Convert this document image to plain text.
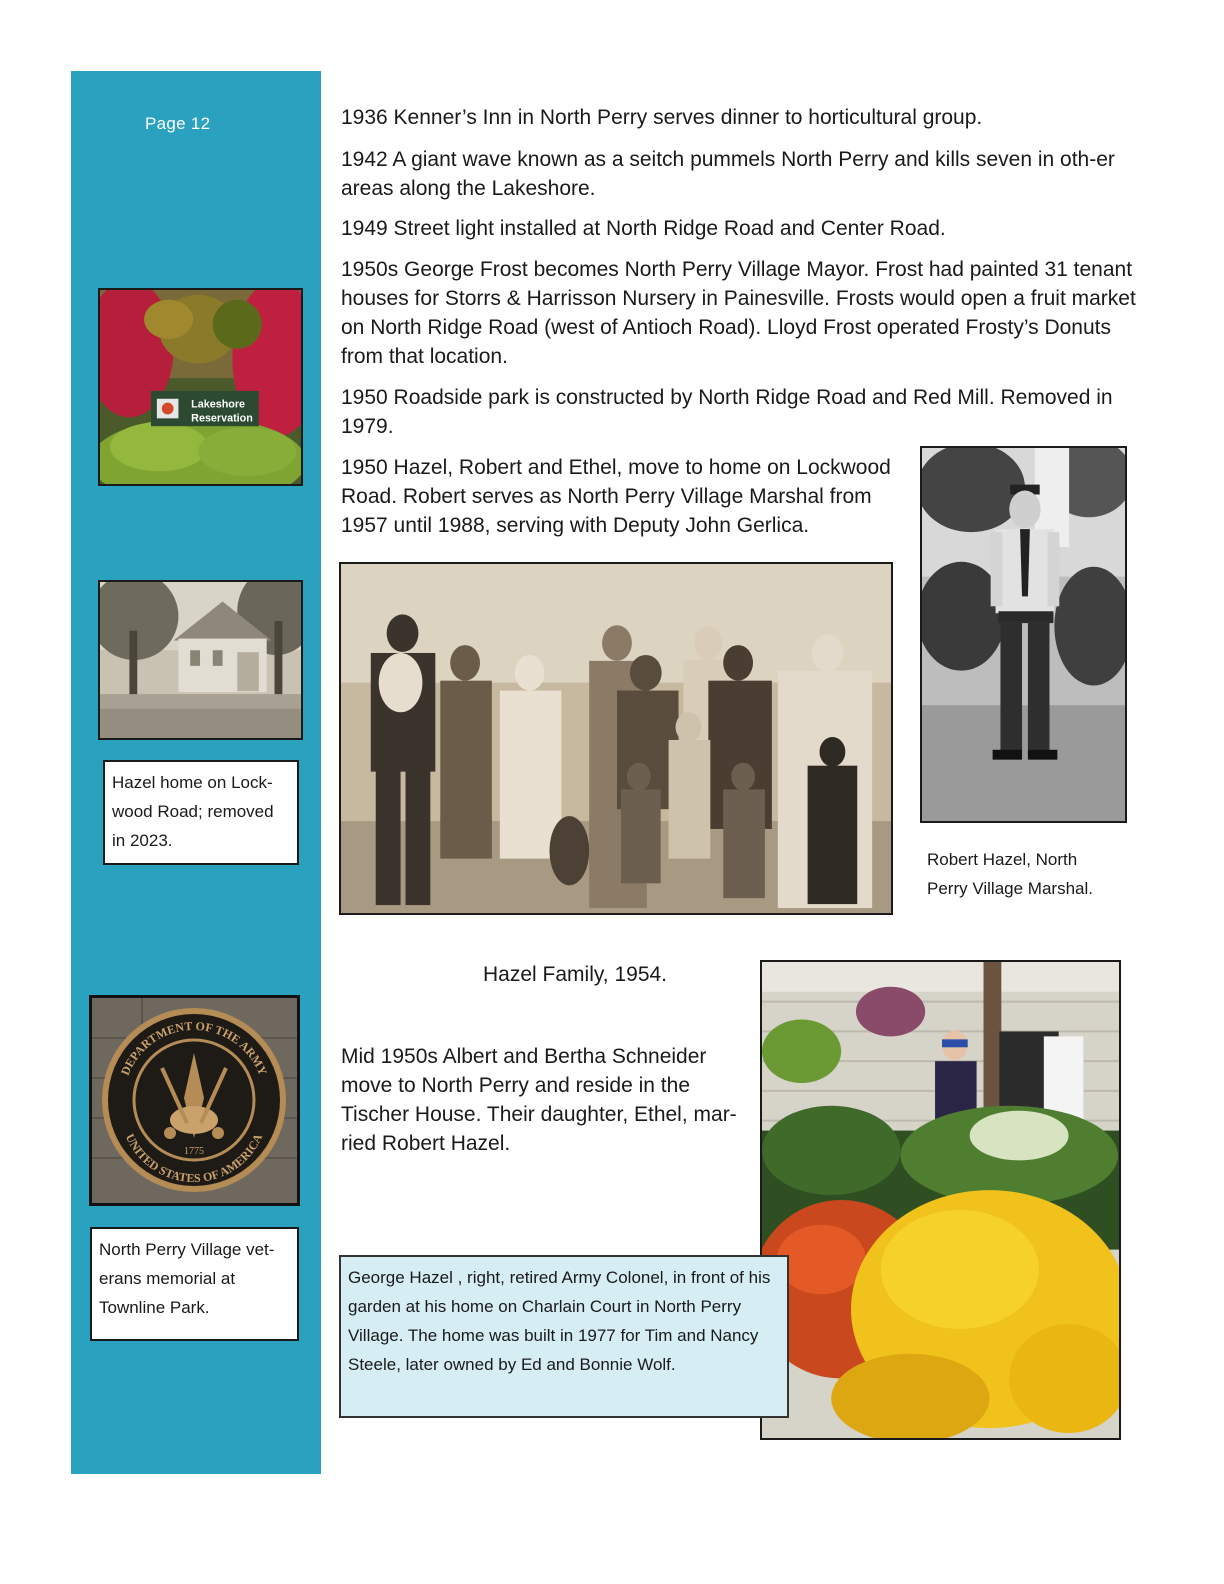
Page 12
Lakeshore
Reservation
Hazel home on Lock-wood Road; removed in 2023.
DEPARTMENT OF THE ARMY
UNITED STATES OF AMERICA
1775
North Perry Village vet-erans memorial at Townline Park.

1936 Kenner’s Inn in North Perry serves dinner to horticultural group.

1942 A giant wave known as a seitch pummels North Perry and kills seven in oth-er areas along the Lakeshore.

1949 Street light installed at North Ridge Road and Center Road.

1950s George Frost becomes North Perry Village Mayor. Frost had painted 31 tenant houses for Storrs & Harrisson Nursery in Painesville. Frosts would open a fruit market on North Ridge Road (west of Antioch Road). Lloyd Frost operated Frosty’s Donuts from that location.

1950 Roadside park is constructed by North Ridge Road and Red Mill. Removed in 1979.

1950 Hazel, Robert and Ethel, move to home on Lockwood Road. Robert serves as North Perry Village Marshal from 1957 until 1988, serving with Deputy John Gerlica.

Robert Hazel, North Perry Village Marshal.

Hazel Family, 1954.

Mid 1950s Albert and Bertha Schneider move to North Perry and reside in the Tischer House. Their daughter, Ethel, mar-ried Robert Hazel.

George Hazel , right, retired Army Colonel, in front of his garden at his home on Charlain Court in North Perry Village. The home was built in 1977 for Tim and Nancy Steele, later owned by Ed and Bonnie Wolf.
